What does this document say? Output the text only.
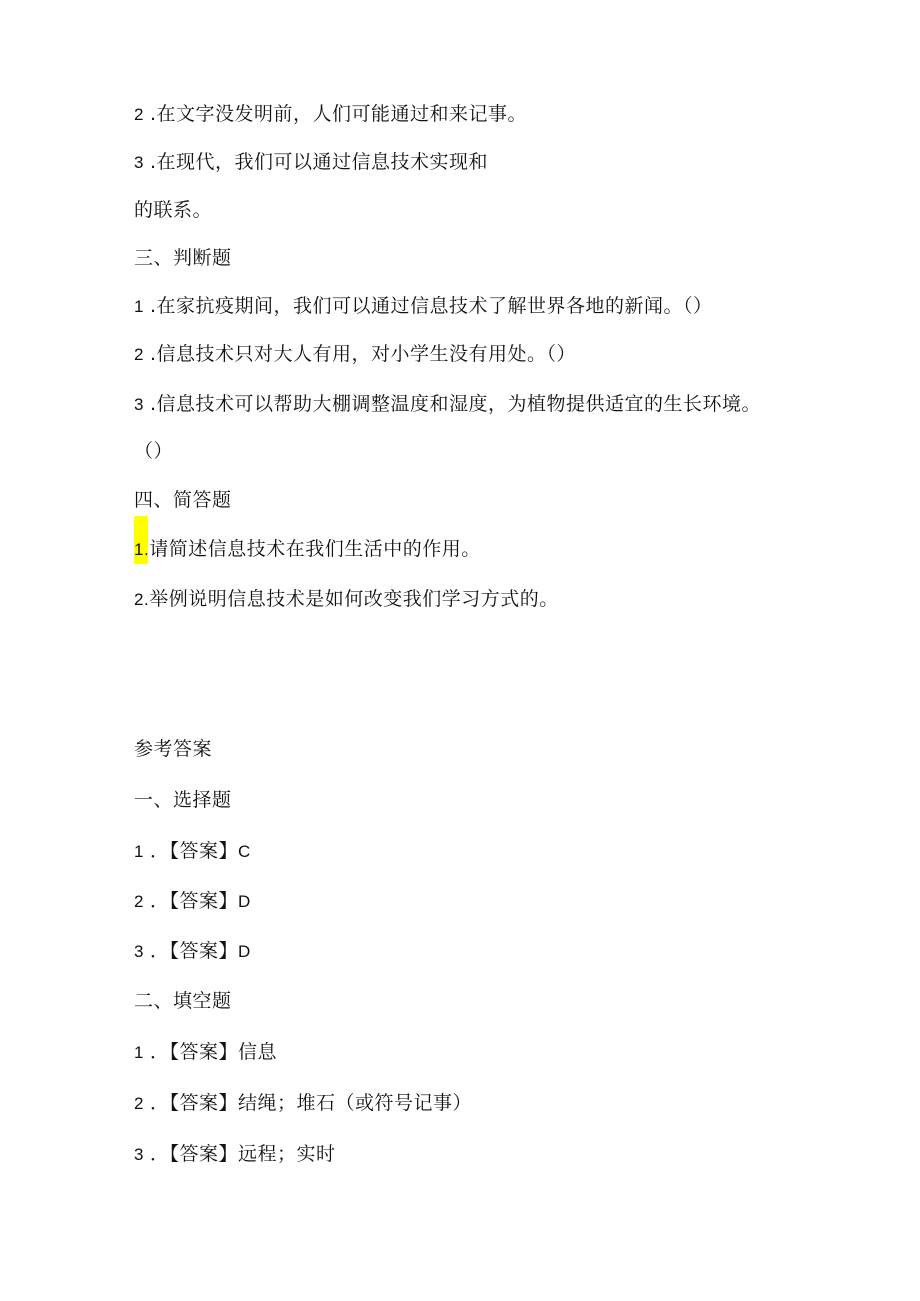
2 .在文字没发明前，人们可能通过和来记事。
3 .在现代，我们可以通过信息技术实现和
的联系。
三、判断题
1 .在家抗疫期间，我们可以通过信息技术了解世界各地的新闻。（）
2 .信息技术只对大人有用，对小学生没有用处。（）
3 .信息技术可以帮助大棚调整温度和湿度，为植物提供适宜的生长环境。
（）
四、简答题
1.请简述信息技术在我们生活中的作用。
2.举例说明信息技术是如何改变我们学习方式的。
参考答案
一、选择题
1 ．【答案】C
2 ．【答案】D
3 ．【答案】D
二、填空题
1 ．【答案】信息
2 ．【答案】结绳；堆石（或符号记事）
3 ．【答案】远程；实时
